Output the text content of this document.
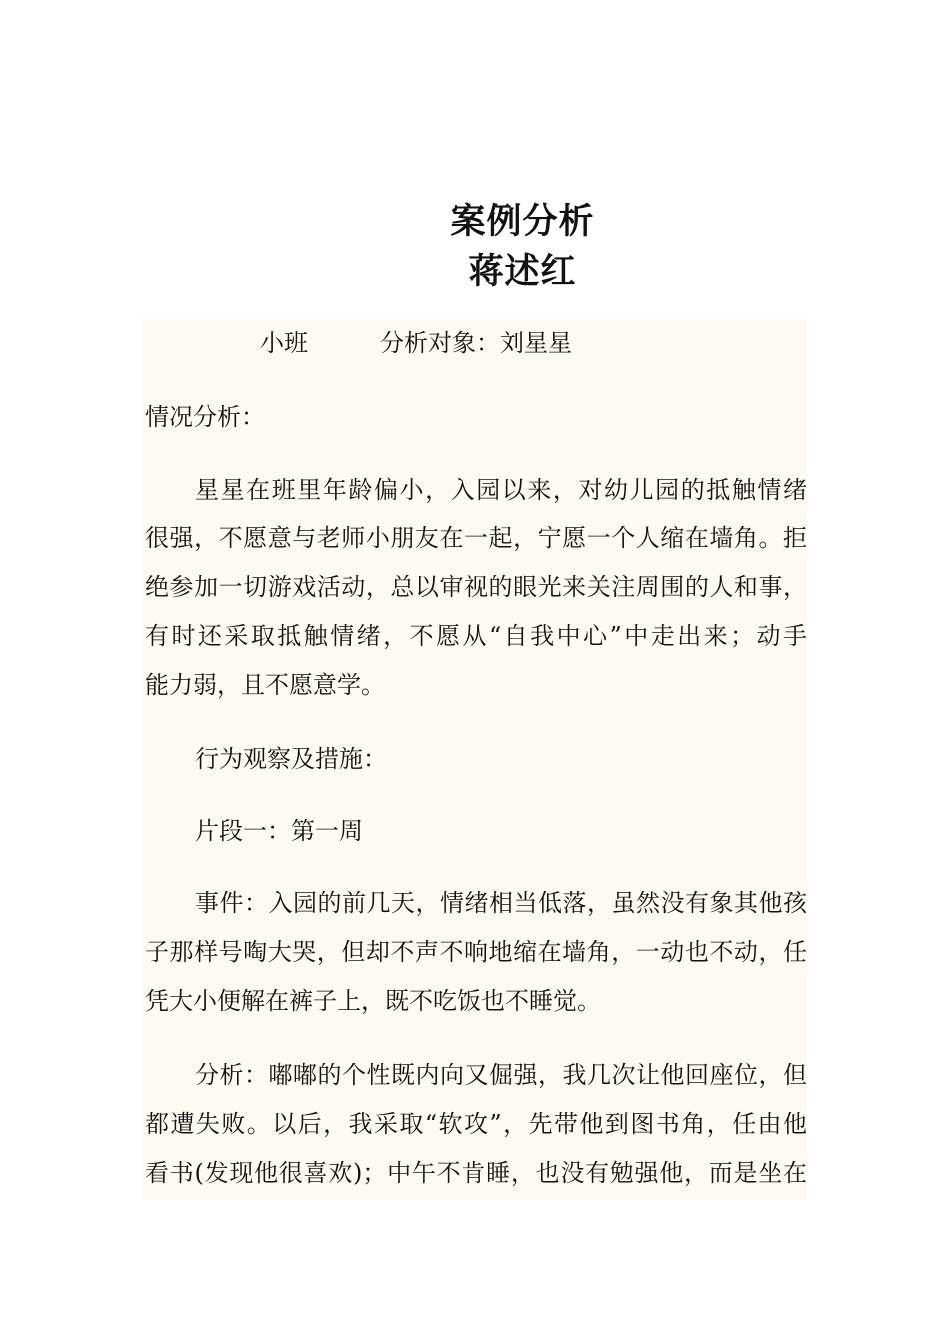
案例分析
蒋述红
小班　　　分析对象：刘星星
情况分析：
星星在班里年龄偏小，入园以来，对幼儿园的抵触情绪
很强，不愿意与老师小朋友在一起，宁愿一个人缩在墙角。拒
绝参加一切游戏活动，总以审视的眼光来关注周围的人和事，
有时还采取抵触情绪，不愿从“自我中心”中走出来；动手
能力弱，且不愿意学。
行为观察及措施：
片段一：第一周
事件：入园的前几天，情绪相当低落，虽然没有象其他孩
子那样号啕大哭，但却不声不响地缩在墙角，一动也不动，任
凭大小便解在裤子上，既不吃饭也不睡觉。
分析：嘟嘟的个性既内向又倔强，我几次让他回座位，但
都遭失败。以后，我采取“软攻”，先带他到图书角，任由他
看书(发现他很喜欢)；中午不肯睡，也没有勉强他，而是坐在
